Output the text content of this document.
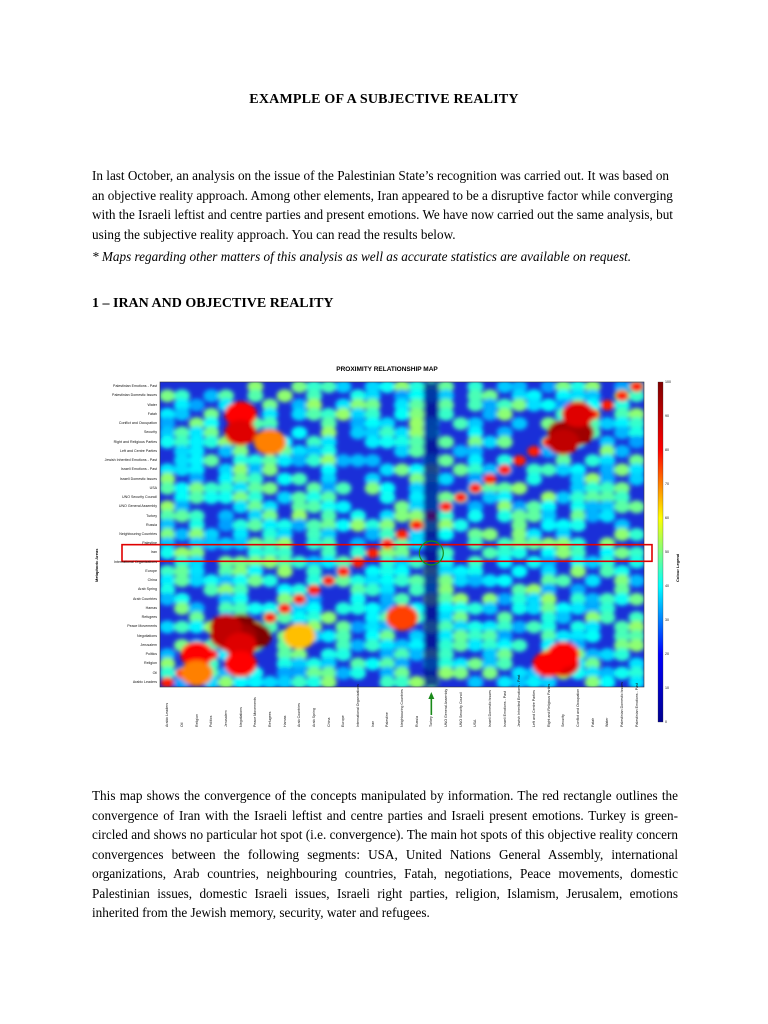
EXAMPLE OF A SUBJECTIVE REALITY
In last October, an analysis on the issue of the Palestinian State’s recognition was carried out. It was based on an objective reality approach. Among other elements, Iran appeared to be a disruptive factor while converging with the Israeli leftist and centre parties and present emotions. We have now carried out the same analysis, but using the subjective reality approach. You can read the results below.
* Maps regarding other matters of this analysis as well as accurate statistics are available on request.
1 – IRAN AND OBJECTIVE REALITY
PROXIMITY RELATIONSHIP MAP
100
90
80
70
60
50
40
30
20
10
0
Colour Legend
Palestinian Emotions - Past
Palestinian Domestic Issues
Water
Fatah
Conflict and Occupation
Security
Right and Religious Parties
Left and Centre Parties
Jewish Inherited Emotions - Past
Israeli Emotions - Past
Israeli Domestic Issues
USA
UNO Security Council
UNO General Assembly
Turkey
Russia
Neighbouring Countries
Palestine
Iran
International Organizations
Europe
China
Arab Spring
Arab Countries
Hamas
Refugees
Peace Movements
Negotiations
Jerusalem
Politics
Religion
Oil
Arabic Leaders
Arabic Leaders	Oil	Religion	Politics	Jerusalem	Negotiations	Peace Movements	Refugees	Hamas	Arab Countries	Arab Spring	China	Europe	International Organizations	Iran	Palestine	Neighbouring Countries	Russia	Turkey	UNO General Assembly	UNO Security Council	USA	Israeli Domestic Issues	Israeli Emotions - Past	Jewish Inherited Emotions - Past	Left and Centre Parties	Right and Religious Parties	Security	Conflict and Occupation	Fatah	Water	Palestinian Domestic Issues	Palestinian Emotions - Past
Metaphoric Areas
This map shows the convergence of the concepts manipulated by information. The red rectangle outlines the convergence of Iran with the Israeli leftist and centre parties and Israeli present emotions. Turkey is green-circled and shows no particular hot spot (i.e. convergence). The main hot spots of this objective reality concern convergences between the following segments: USA, United Nations General Assembly, international organizations, Arab countries, neighbouring countries, Fatah, negotiations, Peace movements, domestic Palestinian issues, domestic Israeli issues, Israeli right parties, religion, Islamism, Jerusalem, emotions inherited from the Jewish memory, security, water and refugees.
